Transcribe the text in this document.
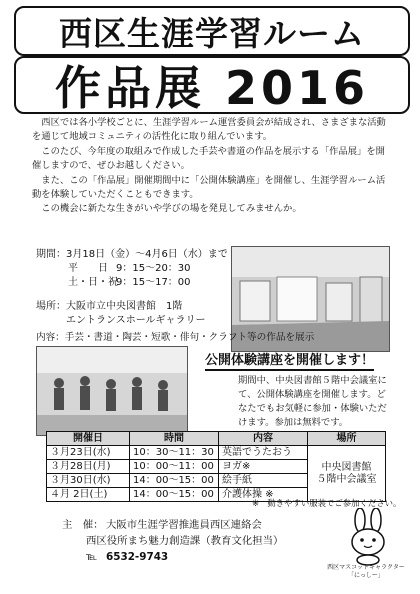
西区生涯学習ルーム
作品展 2016

西区では各小学校ごとに、生涯学習ルーム運営委員会が結成され、さまざまな活動を通じて地域コミュニティの活性化に取り組んでいます。

このたび、今年度の取組みで作成した手芸や書道の作品を展示する「作品展」を開催しますので、ぜひお越しください。

また、この「作品展」開催期間中に「公開体験講座」を開催し、生涯学習ルーム活動を体験していただくこともできます。

この機会に新たな生きがいや学びの場を発見してみませんか。

期間： 3月18日（金）～4月6日（水）まで
平　　日 9：15～20：30
土・日・祝
9：15～17：00
場所： 大阪市立中央図書館　1階
エントランスホールギャラリー
内容：手芸・書道・陶芸・短歌・俳句・クラフト等の作品を展示
公開体験講座を開催します！
期間中、中央図書館５階中会議室にて、公開体験講座を開催します。どなたでもお気軽に参加・体験いただけます。参加は無料です。
開催日	時間	内容	場所
３月23日(水)	10：30～11：30	英語でうたおう	
３月28日(月)	10：00～11：00	ヨガ※	中央図書館
５階中会議室

３月30日(水)	14：00～15：00	絵手紙	
４月 2日(土)	14：00～15：00	介護体操 ※	
※　動きやすい服装でご参加ください。
主　催： 大阪市生涯学習推進員西区連絡会
西区役所まち魅力創造課（教育文化担当）
℡ 6532-9743
西区マスコットキャラクター
「にっしー」
